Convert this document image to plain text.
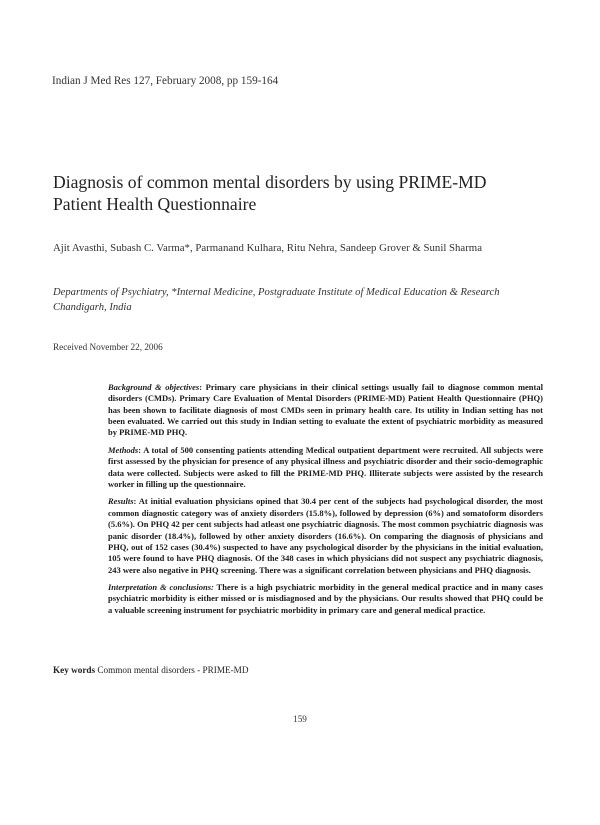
Indian J Med Res 127, February 2008, pp 159-164
Diagnosis of common mental disorders by using PRIME-MD
Patient Health Questionnaire
Ajit Avasthi, Subash C. Varma*, Parmanand Kulhara, Ritu Nehra, Sandeep Grover & Sunil Sharma
Departments of Psychiatry, *Internal Medicine, Postgraduate Institute of Medical Education & Research Chandigarh, India
Received November 22, 2006

Background & objectives: Primary care physicians in their clinical settings usually fail to diagnose common mental disorders (CMDs). Primary Care Evaluation of Mental Disorders (PRIME-MD) Patient Health Questionnaire (PHQ) has been shown to facilitate diagnosis of most CMDs seen in primary health care. Its utility in Indian setting has not been evaluated. We carried out this study in Indian setting to evaluate the extent of psychiatric morbidity as measured by PRIME-MD PHQ.

Methods: A total of 500 consenting patients attending Medical outpatient department were recruited. All subjects were first assessed by the physician for presence of any physical illness and psychiatric disorder and their socio-demographic data were collected. Subjects were asked to fill the PRIME-MD PHQ. Illiterate subjects were assisted by the research worker in filling up the questionnaire.

Results: At initial evaluation physicians opined that 30.4 per cent of the subjects had psychological disorder, the most common diagnostic category was of anxiety disorders (15.8%), followed by depression (6%) and somatoform disorders (5.6%). On PHQ 42 per cent subjects had atleast one psychiatric diagnosis. The most common psychiatric diagnosis was panic disorder (18.4%), followed by other anxiety disorders (16.6%). On comparing the diagnosis of physicians and PHQ, out of 152 cases (30.4%) suspected to have any psychological disorder by the physicians in the initial evaluation, 105 were found to have PHQ diagnosis. Of the 348 cases in which physicians did not suspect any psychiatric diagnosis, 243 were also negative in PHQ screening. There was a significant correlation between physicians and PHQ diagnosis.

Interpretation & conclusions: There is a high psychiatric morbidity in the general medical practice and in many cases psychiatric morbidity is either missed or is misdiagnosed and by the physicians. Our results showed that PHQ could be a valuable screening instrument for psychiatric morbidity in primary care and general medical practice.

Key words Common mental disorders - PRIME-MD
159
